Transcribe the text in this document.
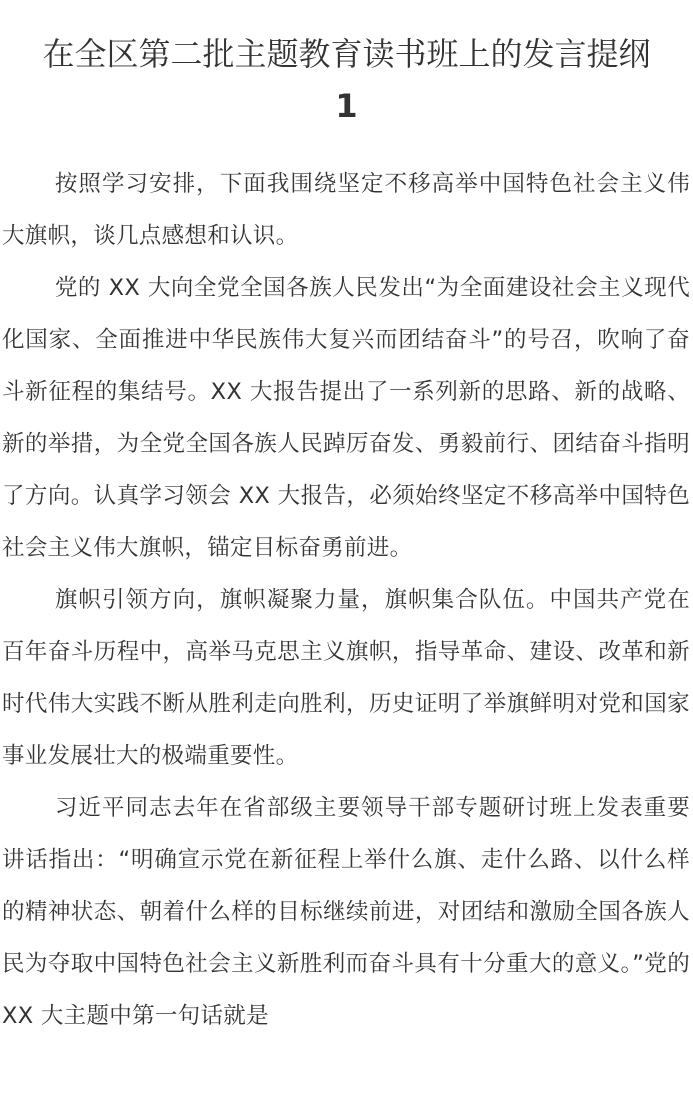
在全区第二批主题教育读书班上的发言提纲
1

按照学习安排，下面我围绕坚定不移高举中国特色社会主义伟大旗帜，谈几点感想和认识。

党的 XX 大向全党全国各族人民发出“为全面建设社会主义现代化国家、全面推进中华民族伟大复兴而团结奋斗”的号召，吹响了奋斗新征程的集结号。XX 大报告提出了一系列新的思路、新的战略、新的举措，为全党全国各族人民踔厉奋发、勇毅前行、团结奋斗指明了方向。认真学习领会 XX 大报告，必须始终坚定不移高举中国特色社会主义伟大旗帜，锚定目标奋勇前进。

旗帜引领方向，旗帜凝聚力量，旗帜集合队伍。中国共产党在百年奋斗历程中，高举马克思主义旗帜，指导革命、建设、改革和新时代伟大实践不断从胜利走向胜利，历史证明了举旗鲜明对党和国家事业发展壮大的极端重要性。

习近平同志去年在省部级主要领导干部专题研讨班上发表重要讲话指出：“明确宣示党在新征程上举什么旗、走什么路、以什么样的精神状态、朝着什么样的目标继续前进，对团结和激励全国各族人民为夺取中国特色社会主义新胜利而奋斗具有十分重大的意义。”党的 XX 大主题中第一句话就是
